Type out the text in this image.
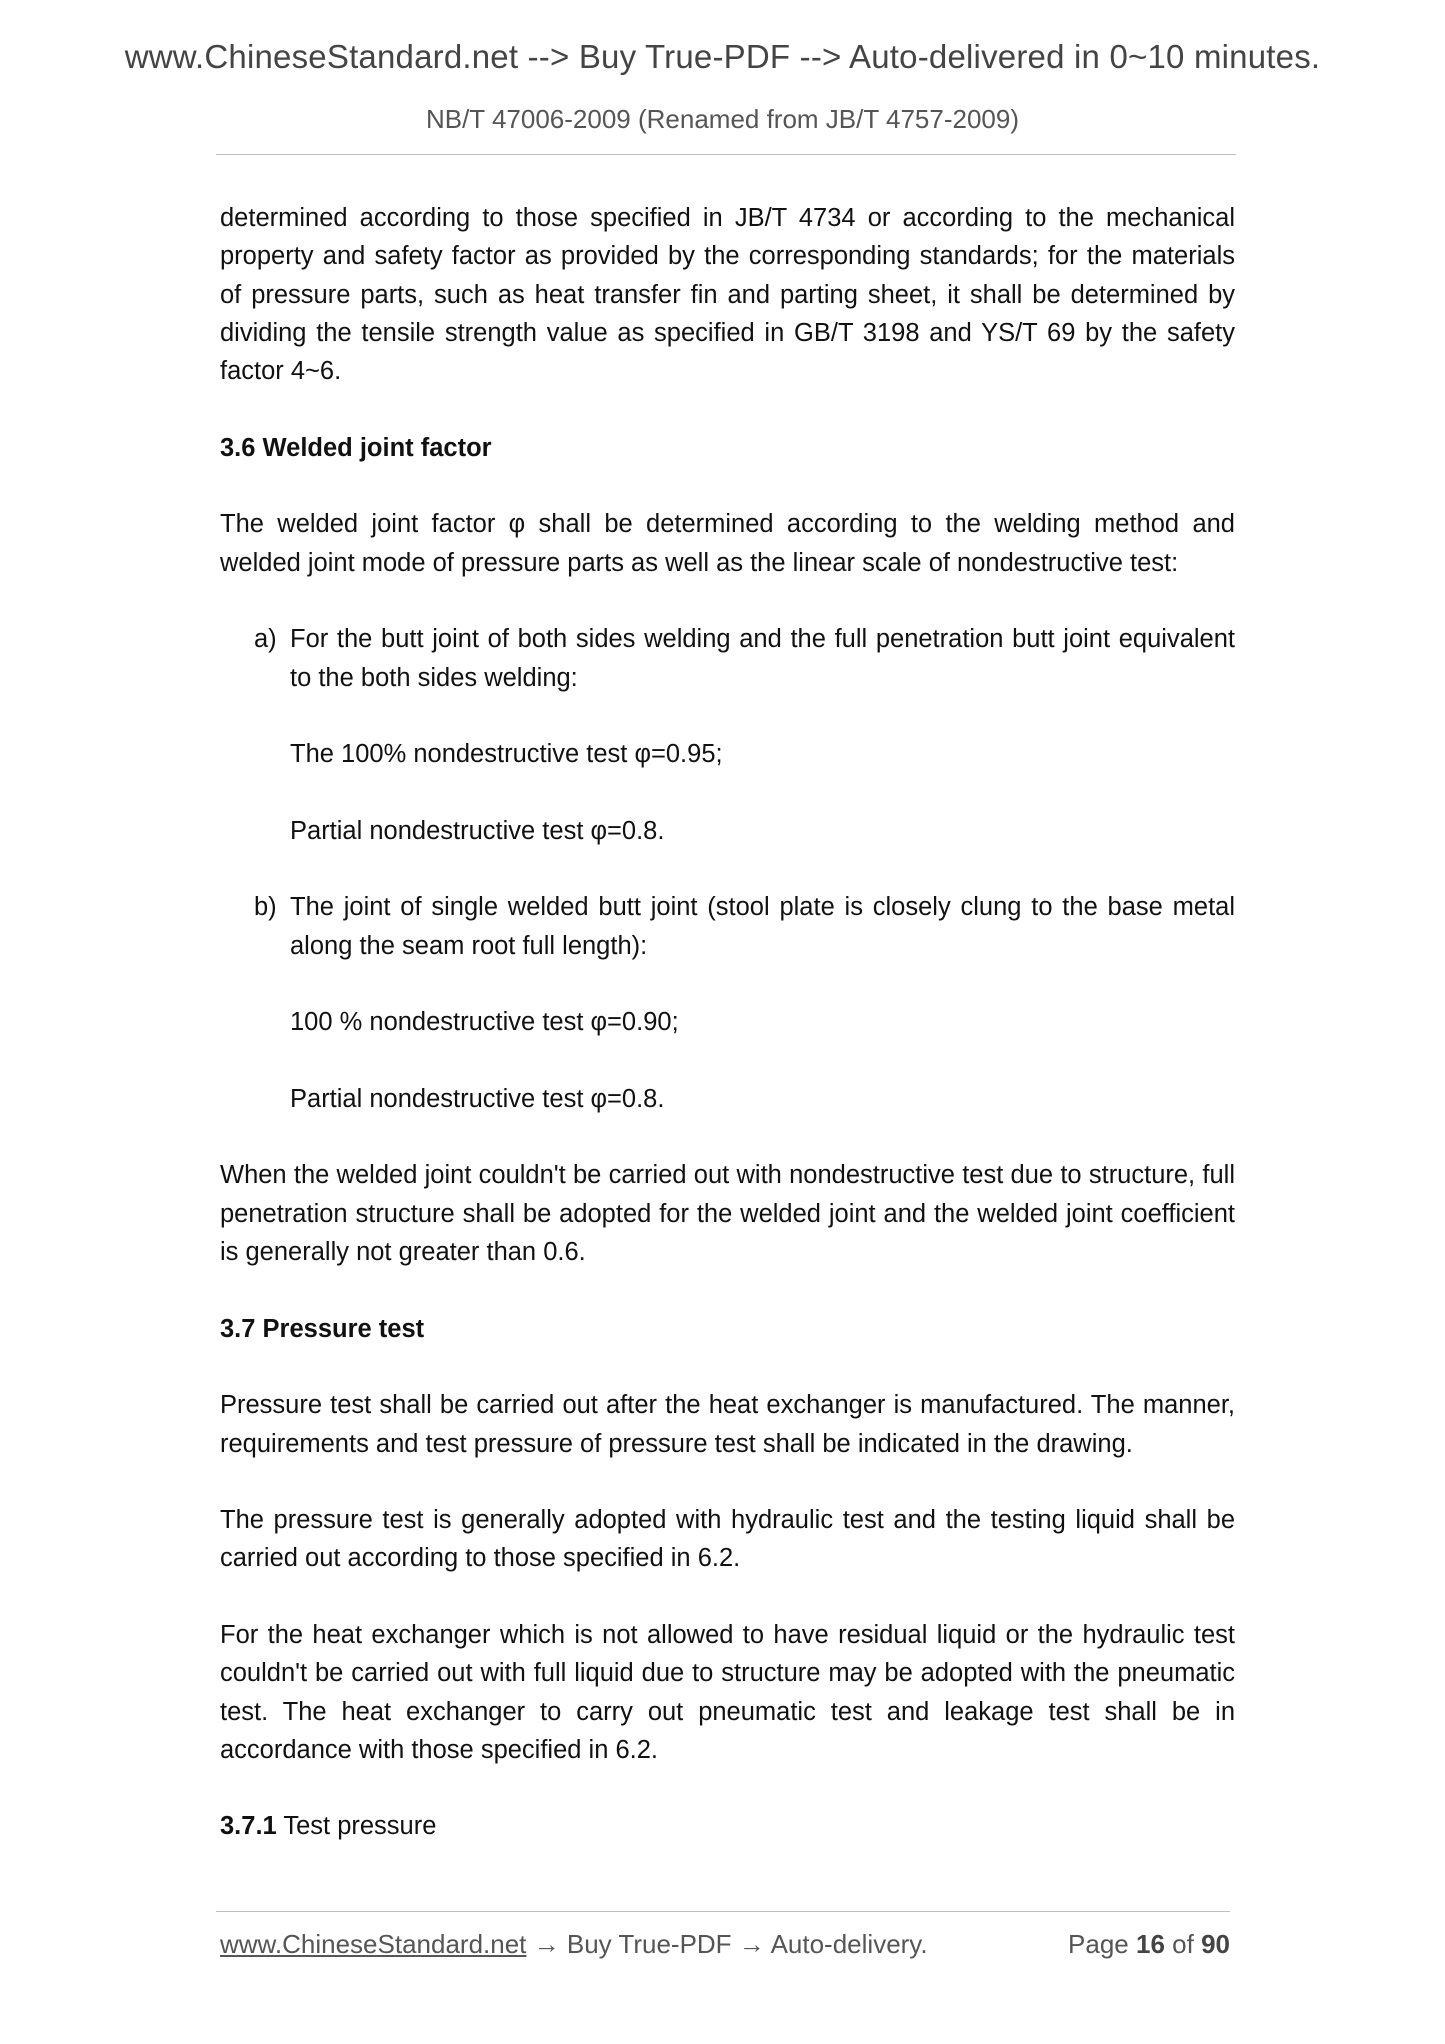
www.ChineseStandard.net --> Buy True-PDF --> Auto-delivered in 0~10 minutes.
NB/T 47006-2009 (Renamed from JB/T 4757-2009)

determined according to those specified in JB/T 4734 or according to the mechanical property and safety factor as provided by the corresponding standards; for the materials of pressure parts, such as heat transfer fin and parting sheet, it shall be determined by dividing the tensile strength value as specified in GB/T 3198 and YS/T 69 by the safety factor 4~6.

3.6 Welded joint factor

The welded joint factor φ shall be determined according to the welding method and welded joint mode of pressure parts as well as the linear scale of nondestructive test:

a) For the butt joint of both sides welding and the full penetration butt joint equivalent to the both sides welding:

The 100% nondestructive test φ=0.95;

Partial nondestructive test φ=0.8.

b) The joint of single welded butt joint (stool plate is closely clung to the base metal along the seam root full length):

100 % nondestructive test φ=0.90;

Partial nondestructive test φ=0.8.

When the welded joint couldn't be carried out with nondestructive test due to structure, full penetration structure shall be adopted for the welded joint and the welded joint coefficient is generally not greater than 0.6.

3.7 Pressure test

Pressure test shall be carried out after the heat exchanger is manufactured. The manner, requirements and test pressure of pressure test shall be indicated in the drawing.

The pressure test is generally adopted with hydraulic test and the testing liquid shall be carried out according to those specified in 6.2.

For the heat exchanger which is not allowed to have residual liquid or the hydraulic test couldn't be carried out with full liquid due to structure may be adopted with the pneumatic test. The heat exchanger to carry out pneumatic test and leakage test shall be in accordance with those specified in 6.2.

3.7.1 Test pressure

www.ChineseStandard.net → Buy True-PDF → Auto-delivery.	Page 16 of 90
